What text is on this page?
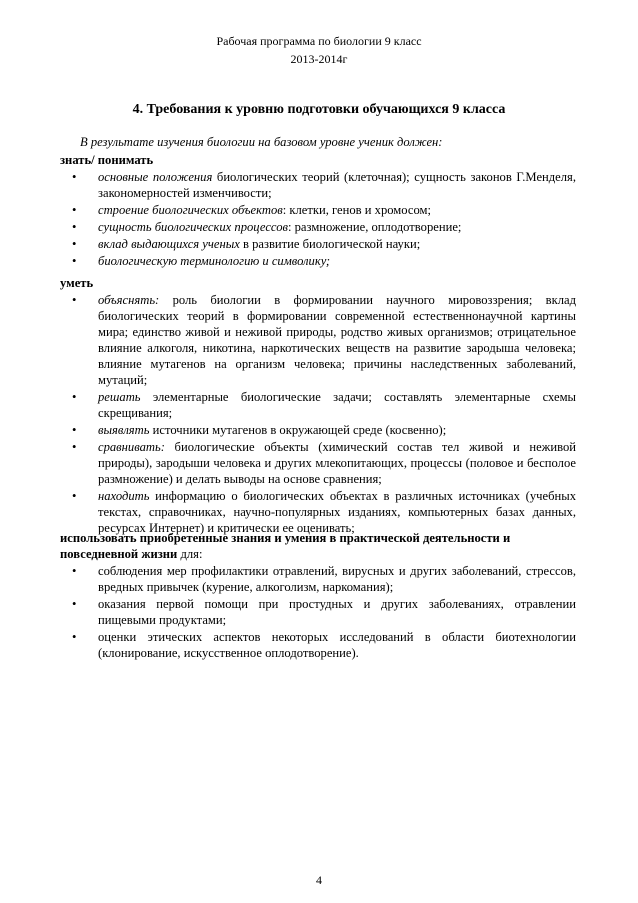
Рабочая программа по биологии 9 класс
2013-2014г
4. Требования к уровню подготовки обучающихся 9 класса
В результате изучения биологии на базовом уровне ученик должен:
знать/ понимать
• основные положения биологических теорий (клеточная); сущность законов Г.Менделя, закономерностей изменчивости;
• строение биологических объектов: клетки, генов и хромосом;
• сущность биологических процессов: размножение, оплодотворение;
• вклад выдающихся ученых в развитие биологической науки;
• биологическую терминологию и символику;
уметь
• объяснять: роль биологии в формировании научного мировоззрения; вклад биологических теорий в формировании современной естественнонаучной картины мира; единство живой и неживой природы, родство живых организмов; отрицательное влияние алкоголя, никотина, наркотических веществ на развитие зародыша человека; влияние мутагенов на организм человека; причины наследственных заболеваний, мутаций;
• решать элементарные биологические задачи; составлять элементарные схемы скрещивания;
• выявлять источники мутагенов в окружающей среде (косвенно);
• сравнивать: биологические объекты (химический состав тел живой и неживой природы), зародыши человека и других млекопитающих, процессы (половое и бесполое размножение) и делать выводы на основе сравнения;
• находить информацию о биологических объектах в различных источниках (учебных текстах, справочниках, научно-популярных изданиях, компьютерных базах данных, ресурсах Интернет) и критически ее оценивать;
использовать приобретенные знания и умения в практической деятельности и повседневной жизни для:
• соблюдения мер профилактики отравлений, вирусных и других заболеваний, стрессов, вредных привычек (курение, алкоголизм, наркомания);
• оказания первой помощи при простудных и других заболеваниях, отравлении пищевыми продуктами;
• оценки этических аспектов некоторых исследований в области биотехнологии (клонирование, искусственное оплодотворение).
4
